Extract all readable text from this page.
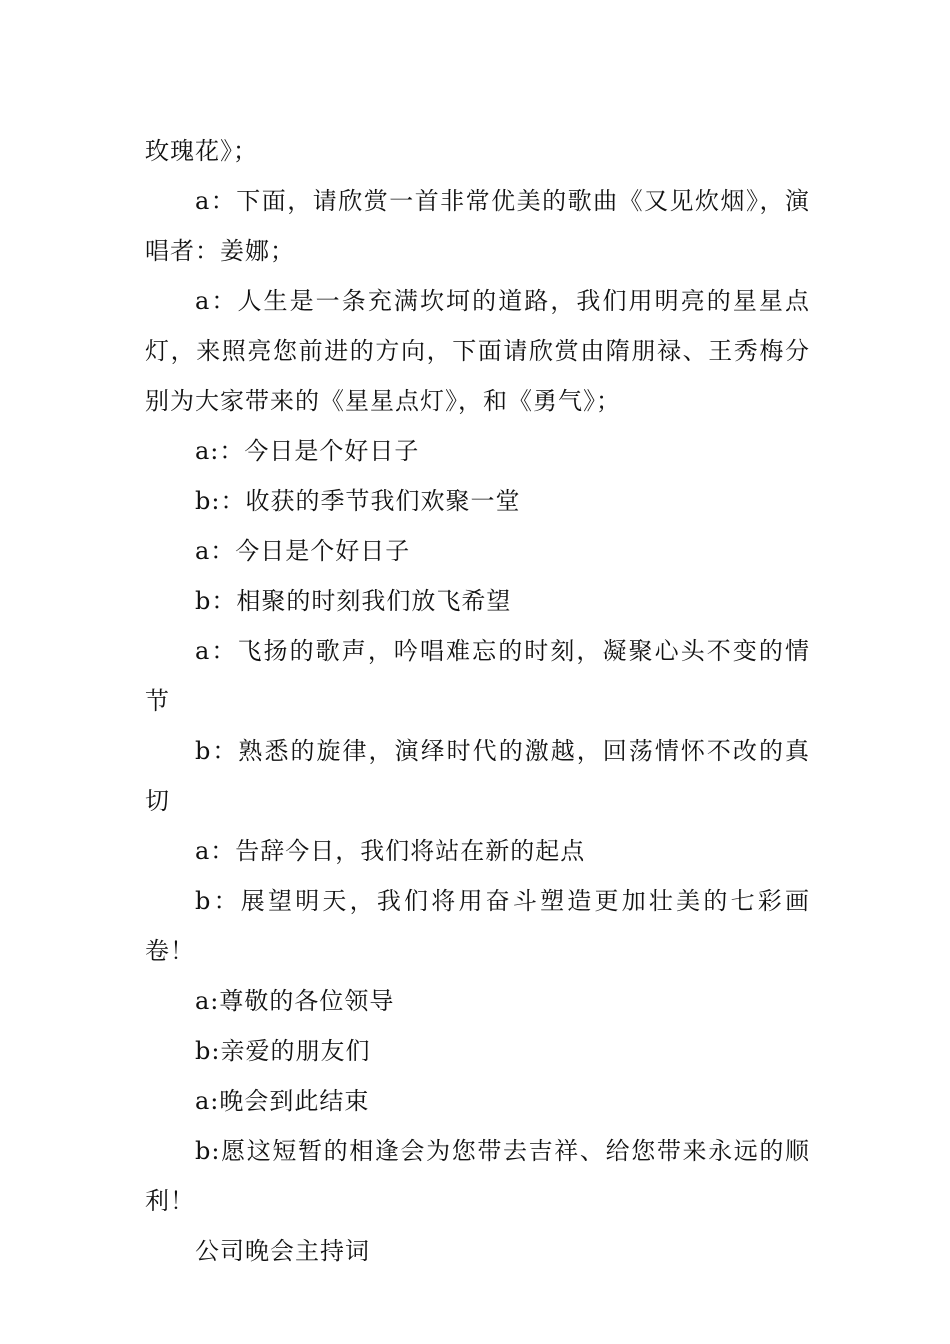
玫瑰花》；

a：下面，请欣赏一首非常优美的歌曲《又见炊烟》，演唱者：姜娜；

a：人生是一条充满坎坷的道路，我们用明亮的星星点灯，来照亮您前进的方向，下面请欣赏由隋朋禄、王秀梅分别为大家带来的《星星点灯》，和《勇气》；

a:：今日是个好日子

b:：收获的季节我们欢聚一堂

a：今日是个好日子

b：相聚的时刻我们放飞希望

a：飞扬的歌声，吟唱难忘的时刻，凝聚心头不变的情节

b：熟悉的旋律，演绎时代的激越，回荡情怀不改的真切

a：告辞今日，我们将站在新的起点

b：展望明天，我们将用奋斗塑造更加壮美的七彩画卷！

a:尊敬的各位领导

b:亲爱的朋友们

a:晚会到此结束

b:愿这短暂的相逢会为您带去吉祥、给您带来永远的顺利！

公司晚会主持词
